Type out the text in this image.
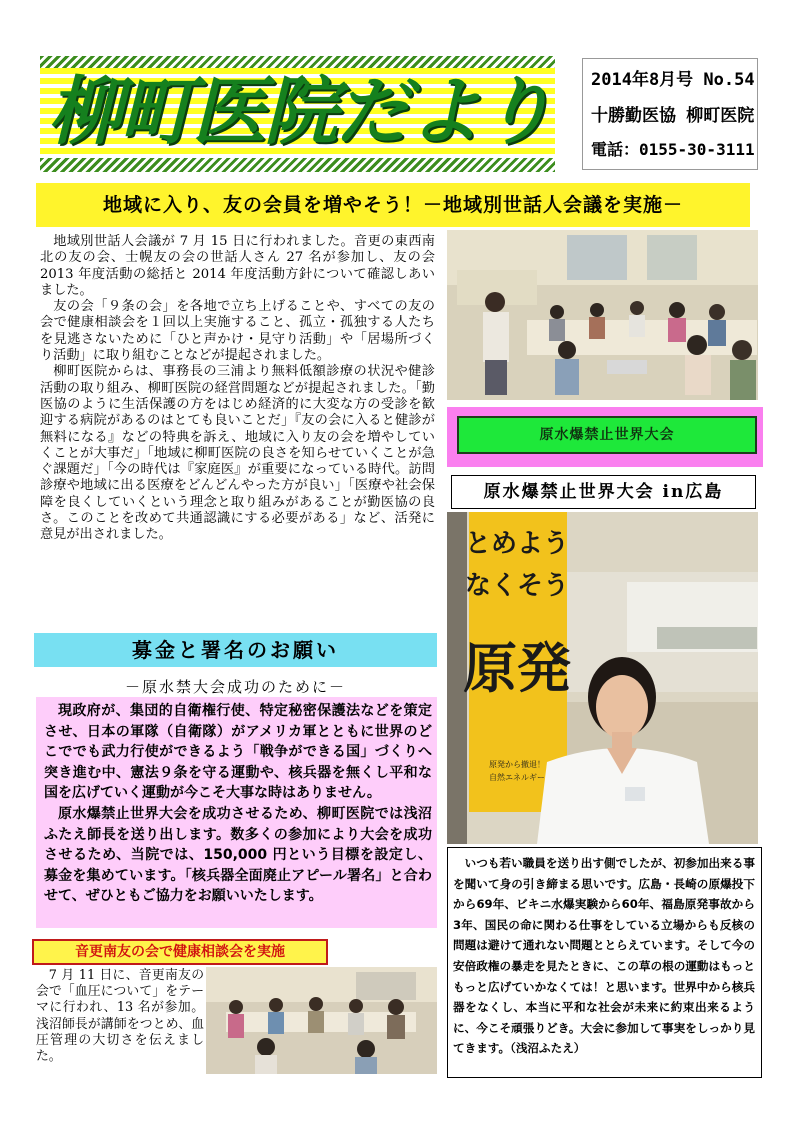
柳町医院だより	2014年8月号 No.54
十勝勤医協 柳町医院
電話：0155-30-3111
地域に入り、友の会員を増やそう！－地域別世話人会議を実施－

地域別世話人会議が 7 月 15 日に行われました。音更の東西南北の友の会、士幌友の会の世話人さん 27 名が参加し、友の会 2013 年度活動の総括と 2014 年度活動方針について確認しあいました。

友の会「９条の会」を各地で立ち上げることや、すべての友の会で健康相談会を１回以上実施すること、孤立・孤独する人たちを見逃さないために「ひと声かけ・見守り活動」や「居場所づくり活動」に取り組むことなどが提起されました。

柳町医院からは、事務長の三浦より無料低額診療の状況や健診活動の取り組み、柳町医院の経営問題などが提起されました。「勤医協のように生活保護の方をはじめ経済的に大変な方の受診を歓迎する病院があるのはとても良いことだ」『友の会に入ると健診が無料になる』などの特典を訴え、地域に入り友の会を増やしていくことが大事だ」「地域に柳町医院の良さを知らせていくことが急ぐ課題だ」「今の時代は『家庭医』が重要になっている時代。訪問診療や地域に出る医療をどんどんやった方が良い」「医療や社会保障を良くしていくという理念と取り組みがあることが勤医協の良さ。このことを改めて共通認識にする必要がある」など、活発に意見が出されました。

原水爆禁止世界大会
原水爆禁止世界大会 in広島
とめよう
なくそう
原発
原発から撤退！
自然エネルギー

いつも若い職員を送り出す側でしたが、初参加出来る事を聞いて身の引き締まる思いです。広島・長崎の原爆投下から69年、ビキニ水爆実験から60年、福島原発事故から3年、国民の命に関わる仕事をしている立場からも反核の問題は避けて通れない問題ととらえています。そして今の安倍政権の暴走を見たときに、この草の根の運動はもっともっと広げていかなくては！と思います。世界中から核兵器をなくし、本当に平和な社会が未来に約束出来るように、今こそ頑張りどき。大会に参加して事実をしっかり見てきます。（浅沼ふたえ）

募金と署名のお願い
－原水禁大会成功のために－

現政府が、集団的自衛権行使、特定秘密保護法などを策定させ、日本の軍隊（自衛隊）がアメリカ軍とともに世界のどこででも武力行使ができるよう「戦争ができる国」づくりへ突き進む中、憲法９条を守る運動や、核兵器を無くし平和な国を広げていく運動が今こそ大事な時はありません。

原水爆禁止世界大会を成功させるため、柳町医院では浅沼ふたえ師長を送り出します。数多くの参加により大会を成功させるため、当院では、150,000 円という目標を設定し、募金を集めています。「核兵器全面廃止アピール署名」と合わせて、ぜひともご協力をお願いいたします。

音更南友の会で健康相談会を実施

7 月 11 日に、音更南友の会で「血圧について」をテーマに行われ、13 名が参加。浅沼師長が講師をつとめ、血圧管理の大切さを伝えました。
